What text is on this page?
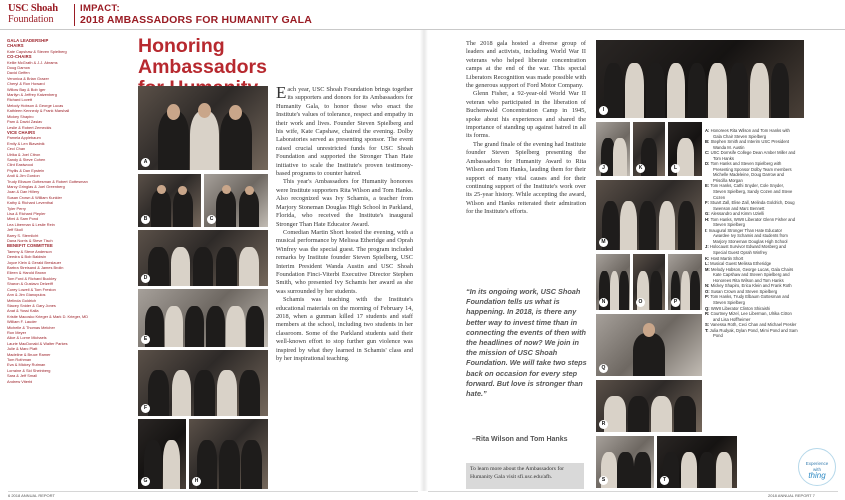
USC Shoah
Foundation
IMPACT:
2018 AMBASSADORS FOR HUMANITY GALA
GALA LEADERSHIP
CHAIRS
Kate Capshaw & Steven Spielberg
CO-CHAIRS
Kellie McGrath & J.J. Abrams
Doug Darrow
David Geffen
Veronica & Brian Grazer
Cheryl & Ron Howard
Willow Bay & Bob Iger
Marilyn & Jeffrey Katzenberg
Richard Lovett
Melody Hobson & George Lucas
Kathleen Kennedy & Frank Marshall
Mickey Shapiro
Pam & David Zaslav
Leslie & Robert Zemeckis
VICE CHAIRS
Pamela Applebaum
Emily & Len Blavatnik
Ceci Chan
Ulrika & Joel Citron
Sandy & Steve Cohen
Clint Eastwood
Phyllis & Dan Epstein
Andi & Jim Gordon
Trudy Elbaum Gottesman & Robert Gottesman
Marcy Gringlas & Joel Greenberg
Joan & Dan Hillery
Susan Crown & William Kunkler
Kathy & Richard Leventhal
Tyler Perry
Lisa & Richard Plepler
Mimi & Sam Pond
Lea Liberman & Leslie Rein
Jeff Skoll
Barry S. Sternlicht
Dana Norris & Steve Tisch
BENEFIT COMMITTEE
Tammy & Steve Anderson
Deedra & Bob Baldwin
Joyce Klein & Gerald Breslauer
Barbra Streisand & James Brolin
Eileen & Harold Brown
Tom Ford & Richard Buckley
Sharon & Gustavo Delzeiff
Corey Lowell & Tom Freston
Ann & Jim Gianopulos
Melinda Goldrich
Stacey Snider & Gary Jones
Anat & Yossi Kalla
Kristie Macosko Krieger & Mark D. Krieger, MD
William F. Lauder
Michelle & Thomas Melcher
Ron Meyer
Alice & Lorne Michaels
Laurie MacDonald & Walter Parkes
Julie & Marc Platt
Madeline & Bruce Ramer
Tom Rothman
Eva & Mickey Rutman
Lorraine & Sid Sheinberg
Sara & Jeff Small
Andrew Viterbi
Honoring Ambassadors
A
B	C
D
E
F
G	H

Each year, USC Shoah Foundation brings together its supporters and donors for its Ambassadors for Humanity Gala, to honor those who enact the Institute's values of tolerance, respect and empathy in their work and lives. Founder Steven Spielberg and his wife, Kate Capshaw, chaired the evening. Dolby Laboratories served as presenting sponsor. The event raised crucial unrestricted funds for USC Shoah Foundation and supported the Stronger Than Hate initiative to scale the Institute's proven testimony-based programs to counter hatred.

This year's Ambassadors for Humanity honorees were Institute supporters Rita Wilson and Tom Hanks. Also recognized was Ivy Schamis, a teacher from Marjory Stoneman Douglas High School in Parkland, Florida, who received the Institute's inaugural Stronger Than Hate Educator Award.

Comedian Martin Short hosted the evening, with a musical performance by Melissa Etheridge and Oprah Winfrey was the special guest. The program included remarks by Institute founder Steven Spielberg, USC Interim President Wanda Austin and USC Shoah Foundation Finci-Viterbi Executive Director Stephen Smith, who presented Ivy Schamis her award as she was surrounded by her students.

Schamis was teaching with the Institute's educational materials on the morning of February 14, 2018, when a gunman killed 17 students and staff members at the school, including two students in her classroom. Some of the Parkland students said their well-known effort to stop further gun violence was inspired by what they learned in Schamis' class and by her inspirational teaching.

The 2018 gala hosted a diverse group of leaders and activists, including World War II veterans who helped liberate concentration camps at the end of the war. This special Liberators Recognition was made possible with the generous support of Ford Motor Company.

Glenn Fisher, a 92-year-old World War II veteran who participated in the liberation of Buchenwald Concentration Camp in 1945, spoke about his experiences and shared the importance of standing up against hatred in all its forms.

The grand finale of the evening had Institute founder Steven Spielberg presenting the Ambassadors for Humanity Award to Rita Wilson and Tom Hanks, lauding them for their support of many vital causes and for their continuing support of the Institute's work over its 25-year history. While accepting the award, Wilson and Hanks reiterated their admiration for the Institute's efforts.

“In its ongoing work, USC Shoah Foundation tells us what is happening. In 2018, is there any better way to invest time than in connecting the events of then with the headlines of now? We join in the mission of USC Shoah Foundation. We will take two steps back on occasion for every step forward. But love is stronger than hate.”
–Rita Wilson and Tom Hanks
To learn more about the Ambassadors for Humanity Gala visit sfi.usc.edu/afh.
I
J	K	L
M
N	O	P
Q
R
S	T
A: Honorees Rita Wilson and Tom Hanks with Gala Chair Steven Spielberg
B: Stephen Smith and Interim USC President Wanda M. Austin
C: USC Dornsife College Dean Amber Miller and Tom Hanks
D: Tom Hanks and Steven Spielberg with Presenting Sponsor Dolby Team members Michelle Madeleine, Doug Darrow and Priscilla Morgan
E: Tom Hanks, Cathi Snyder, Cole Snyder, Steven Spielberg, Sandy Cozen and Steve Cozen
F: Stuart Zall, Elise Zall, Melinda Goldrich, Doug Swenson and Marc Bennett
G: Alessandro and Kimm Uzielli
H: Tom Hanks, WWII Liberator Glenn Fisher and Steven Spielberg
I: Inaugural Stronger Than Hate Educator Awardee Ivy Schamis and students from Marjory Stoneman Douglas High School
J: Holocaust Survivor Edward Mosberg and Special Guest Oprah Winfrey
K: Host Martin Short
L: Musical Guest Melissa Etheridge
M: Melody Hobson, George Lucas, Gala Chairs Kate Capshaw and Steven Spielberg and Honorees Rita Wilson and Tom Hanks
N: Mickey Shapiro, Erica Klein and Frank Roth
O: Susan Crown and Steven Spielberg
P: Tom Hanks, Trudy Elbaum Gottesman and Steven Spielberg
Q: WWII Liberator Clinton Shiraishi
R: Courtney Mizel, Lee Liberman, Ulrika Citron and Lisa Hoffheimer
S: Vanessa Roth, Ceci Chan and Michael Presler
T: Julia Rudyak, Dylan Pond, Mimi Pond and Sam Pond
Experience
with
thing
6 2018 ANNUAL REPORT	2018 ANNUAL REPORT 7
